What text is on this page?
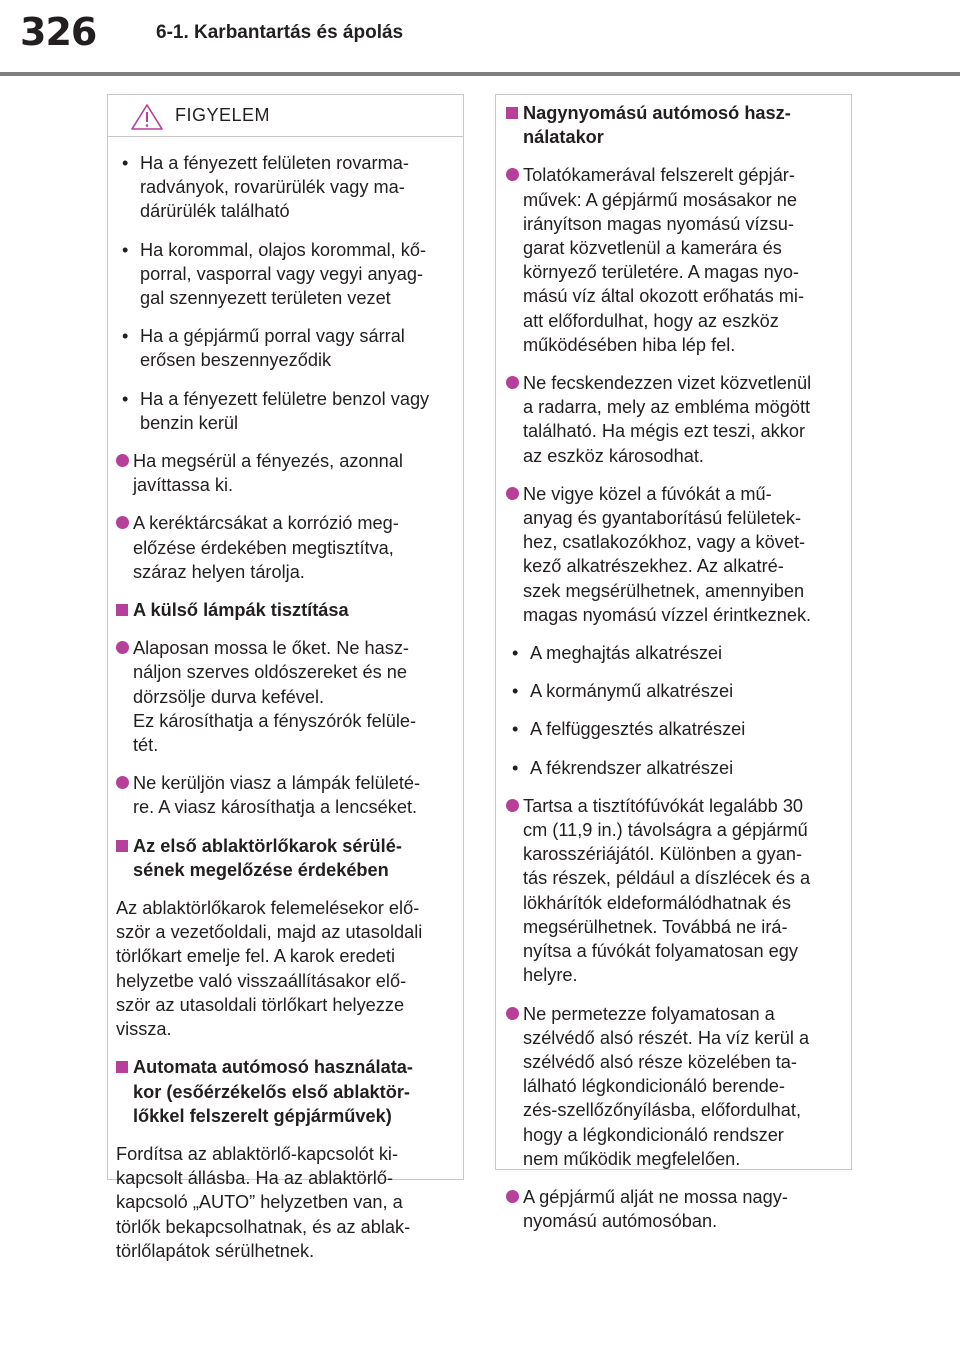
326	6-1. Karbantartás és ápolás
FIGYELEM
• Ha a fényezett felületen rovarma-
radványok, rovarürülék vagy ma-
dárürülék található
• Ha korommal, olajos korommal, kő-
porral, vasporral vagy vegyi anyag-
gal szennyezett területen vezet
• Ha a gépjármű porral vagy sárral
erősen beszennyeződik
• Ha a fényezett felületre benzol vagy
benzin kerül
Ha megsérül a fényezés, azonnal
javíttassa ki.
A keréktárcsákat a korrózió meg-
előzése érdekében megtisztítva,
száraz helyen tárolja.
A külső lámpák tisztítása
Alaposan mossa le őket. Ne hasz-
náljon szerves oldószereket és ne
dörzsölje durva kefével.
Ez károsíthatja a fényszórók felüle-
tét.
Ne kerüljön viasz a lámpák felületé-
re. A viasz károsíthatja a lencséket.
Az első ablaktörlőkarok sérülé-
sének megelőzése érdekében
Az ablaktörlőkarok felemelésekor elő-
ször a vezetőoldali, majd az utasoldali
törlőkart emelje fel. A karok eredeti
helyzetbe való visszaállításakor elő-
ször az utasoldali törlőkart helyezze
vissza.
Automata autómosó használata-
kor (esőérzékelős első ablaktör-
lőkkel felszerelt gépjárművek)
Fordítsa az ablaktörlő-kapcsolót ki-
kapcsolt állásba. Ha az ablaktörlő-
kapcsoló „AUTO” helyzetben van, a
törlők bekapcsolhatnak, és az ablak-
törlőlapátok sérülhetnek.
Nagynyomású autómosó hasz-
nálatakor
Tolatókamerával felszerelt gépjár-
művek: A gépjármű mosásakor ne
irányítson magas nyomású vízsu-
garat közvetlenül a kamerára és
környező területére. A magas nyo-
mású víz által okozott erőhatás mi-
att előfordulhat, hogy az eszköz
működésében hiba lép fel.
Ne fecskendezzen vizet közvetlenül
a radarra, mely az embléma mögött
található. Ha mégis ezt teszi, akkor
az eszköz károsodhat.
Ne vigye közel a fúvókát a mű-
anyag és gyantaborítású felületek-
hez, csatlakozókhoz, vagy a követ-
kező alkatrészekhez. Az alkatré-
szek megsérülhetnek, amennyiben
magas nyomású vízzel érintkeznek.
• A meghajtás alkatrészei
• A kormánymű alkatrészei
• A felfüggesztés alkatrészei
• A fékrendszer alkatrészei
Tartsa a tisztítófúvókát legalább 30
cm (11,9 in.) távolságra a gépjármű
karosszériájától. Különben a gyan-
tás részek, például a díszlécek és a
lökhárítók eldeformálódhatnak és
megsérülhetnek. Továbbá ne irá-
nyítsa a fúvókát folyamatosan egy
helyre.
Ne permetezze folyamatosan a
szélvédő alsó részét. Ha víz kerül a
szélvédő alsó része közelében ta-
lálható légkondicionáló berende-
zés-szellőzőnyílásba, előfordulhat,
hogy a légkondicionáló rendszer
nem működik megfelelően.
A gépjármű alját ne mossa nagy-
nyomású autómosóban.
